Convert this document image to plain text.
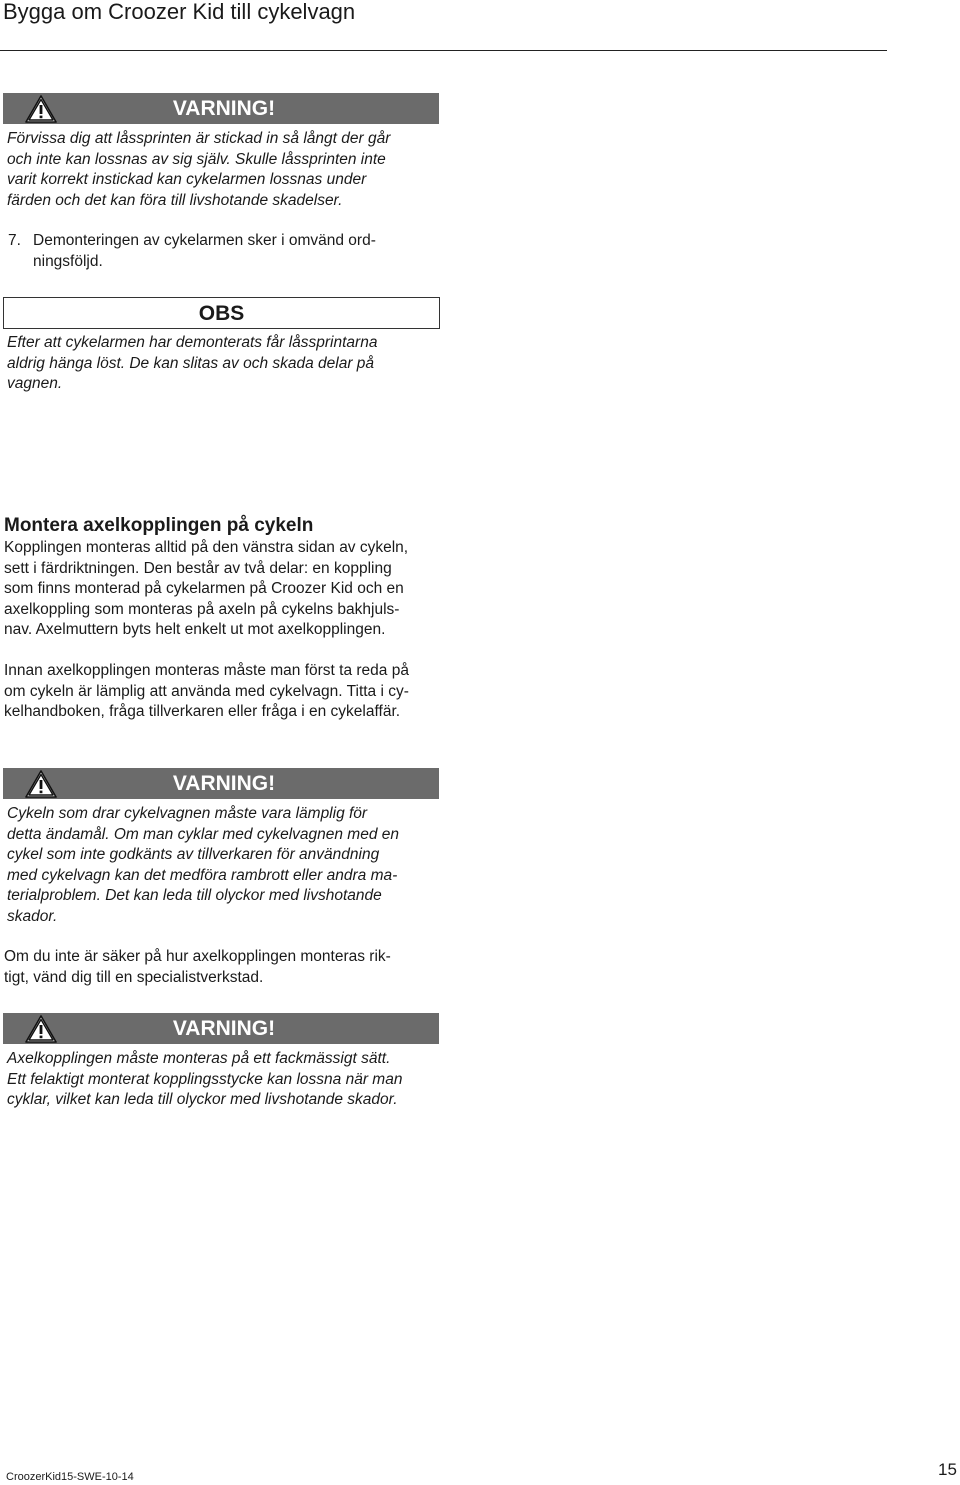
Bygga om Croozer Kid till cykelvagn
VARNING!

Förvissa dig att låssprinten är stickad in så långt der går
och inte kan lossnas av sig själv. Skulle låssprinten inte
varit korrekt instickad kan cykelarmen lossnas under
färden och det kan föra till livshotande skadelser.

7. Demonteringen av cykelarmen sker i omvänd ord-
ningsföljd.

OBS

Efter att cykelarmen har demonterats får låssprintarna
aldrig hänga löst. De kan slitas av och skada delar på
vagnen.

Montera axelkopplingen på cykeln

Kopplingen monteras alltid på den vänstra sidan av cykeln,
sett i färdriktningen. Den består av två delar: en koppling
som finns monterad på cykelarmen på Croozer Kid och en
axelkoppling som monteras på axeln på cykelns bakhjuls-
nav. Axelmuttern byts helt enkelt ut mot axelkopplingen.

Innan axelkopplingen monteras måste man först ta reda på
om cykeln är lämplig att använda med cykelvagn. Titta i cy-
kelhandboken, fråga tillverkaren eller fråga i en cykelaffär.

VARNING!

Cykeln som drar cykelvagnen måste vara lämplig för
detta ändamål. Om man cyklar med cykelvagnen med en
cykel som inte godkänts av tillverkaren för användning
med cykelvagn kan det medföra rambrott eller andra ma-
terialproblem. Det kan leda till olyckor med livshotande
skador.

Om du inte är säker på hur axelkopplingen monteras rik-
tigt, vänd dig till en specialistverkstad.

VARNING!

Axelkopplingen måste monteras på ett fackmässigt sätt.
Ett felaktigt monterat kopplingsstycke kan lossna när man
cyklar, vilket kan leda till olyckor med livshotande skador.

CroozerKid15-SWE-10-14	15
